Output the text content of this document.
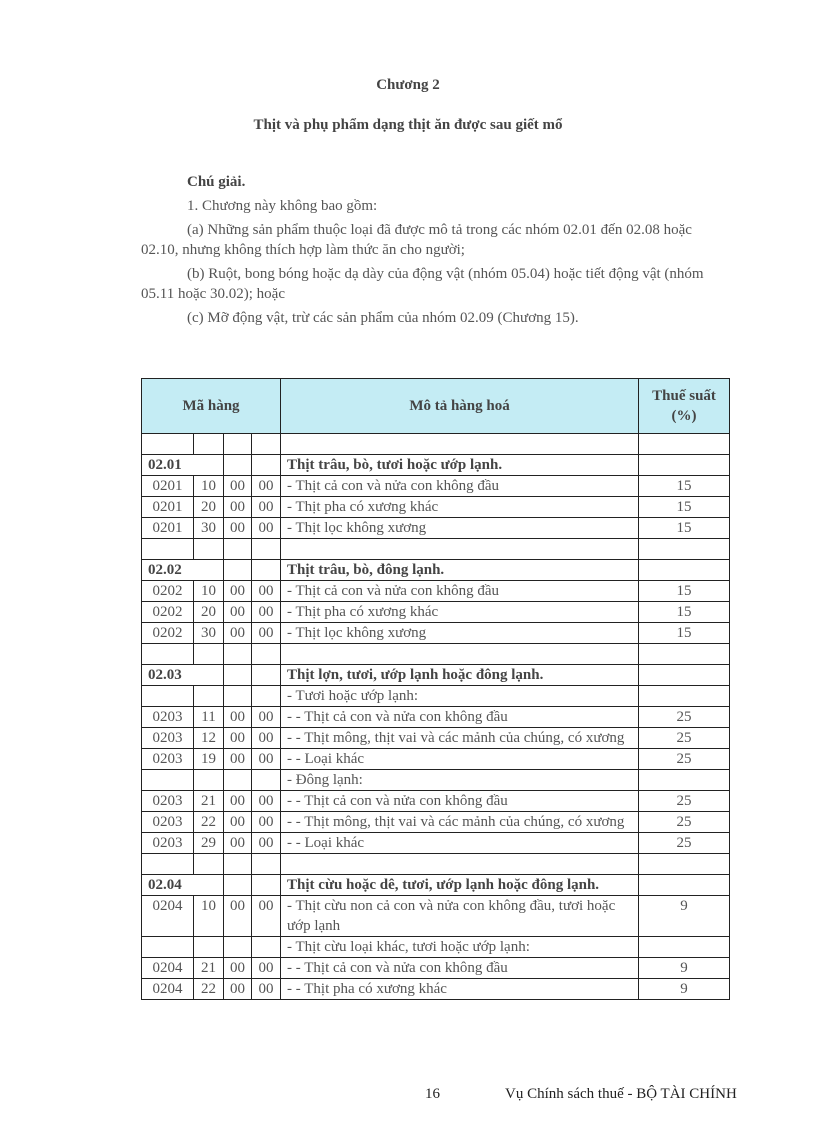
Chương 2
Thịt và phụ phẩm dạng thịt ăn được sau giết mổ

Chú giải.

1. Chương này không bao gồm:

(a) Những sản phẩm thuộc loại đã được mô tả trong các nhóm 02.01 đến 02.08 hoặc 02.10, nhưng không thích hợp làm thức ăn cho người;

(b) Ruột, bong bóng hoặc dạ dày của động vật (nhóm 05.04) hoặc tiết động vật (nhóm 05.11 hoặc 30.02); hoặc

(c) Mỡ động vật, trừ các sản phẩm của nhóm 02.09 (Chương 15).

Mã hàng				Mô tả hàng hoá	Thuế suất (%)

02.01				Thịt trâu, bò, tươi hoặc ướp lạnh.	
0201	10	00	00	- Thịt cả con và nửa con không đầu	15
0201	20	00	00	- Thịt pha có xương khác	15
0201	30	00	00	- Thịt lọc không xương	15

02.02				Thịt trâu, bò, đông lạnh.	
0202	10	00	00	- Thịt cả con và nửa con không đầu	15
0202	20	00	00	- Thịt pha có xương khác	15
0202	30	00	00	- Thịt lọc không xương	15

02.03				Thịt lợn, tươi, ướp lạnh hoặc đông lạnh.	
				- Tươi hoặc ướp lạnh:	
0203	11	00	00	- - Thịt cả con và nửa con không đầu	25
0203	12	00	00	- - Thịt mông, thịt vai và các mảnh của chúng, có xương	25
0203	19	00	00	- - Loại khác	25
				- Đông lạnh:	
0203	21	00	00	- - Thịt cả con và nửa con không đầu	25
0203	22	00	00	- - Thịt mông, thịt vai và các mảnh của chúng, có xương	25
0203	29	00	00	- - Loại khác	25

02.04				Thịt cừu hoặc dê, tươi, ướp lạnh hoặc đông lạnh.	
0204	10	00	00	- Thịt cừu non cả con và nửa con không đầu, tươi hoặc ướp lạnh	9
				- Thịt cừu loại khác, tươi hoặc ướp lạnh:	
0204	21	00	00	- - Thịt cả con và nửa con không đầu	9
0204	22	00	00	- - Thịt pha có xương khác	9
16	Vụ Chính sách thuế - BỘ TÀI CHÍNH
